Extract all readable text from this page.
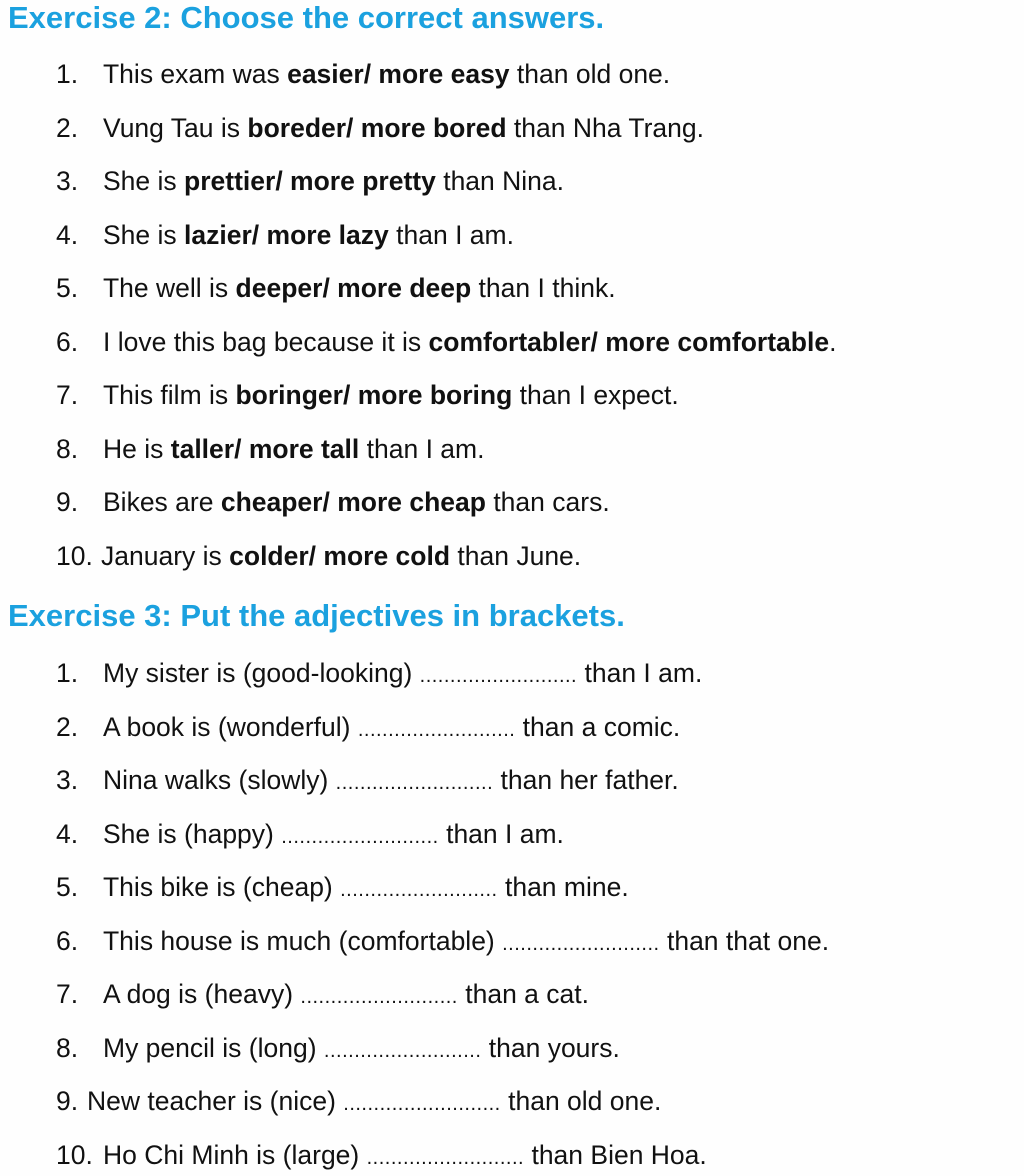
Exercise 2: Choose the correct answers.
1. This exam was easier/ more easy than old one.
2. Vung Tau is boreder/ more bored than Nha Trang.
3. She is prettier/ more pretty than Nina.
4. She is lazier/ more lazy than I am.
5. The well is deeper/ more deep than I think.
6. I love this bag because it is comfortabler/ more comfortable.
7. This film is boringer/ more boring than I expect.
8. He is taller/ more tall than I am.
9. Bikes are cheaper/ more cheap than cars.
10. January is colder/ more cold than June.
Exercise 3: Put the adjectives in brackets.
1. My sister is (good-looking) .......................... than I am.
2. A book is (wonderful) .......................... than a comic.
3. Nina walks (slowly) .......................... than her father.
4. She is (happy) .......................... than I am.
5. This bike is (cheap) .......................... than mine.
6. This house is much (comfortable) .......................... than that one.
7. A dog is (heavy) .......................... than a cat.
8. My pencil is (long) .......................... than yours.
9. New teacher is (nice) .......................... than old one.
10. Ho Chi Minh is (large) .......................... than Bien Hoa.
